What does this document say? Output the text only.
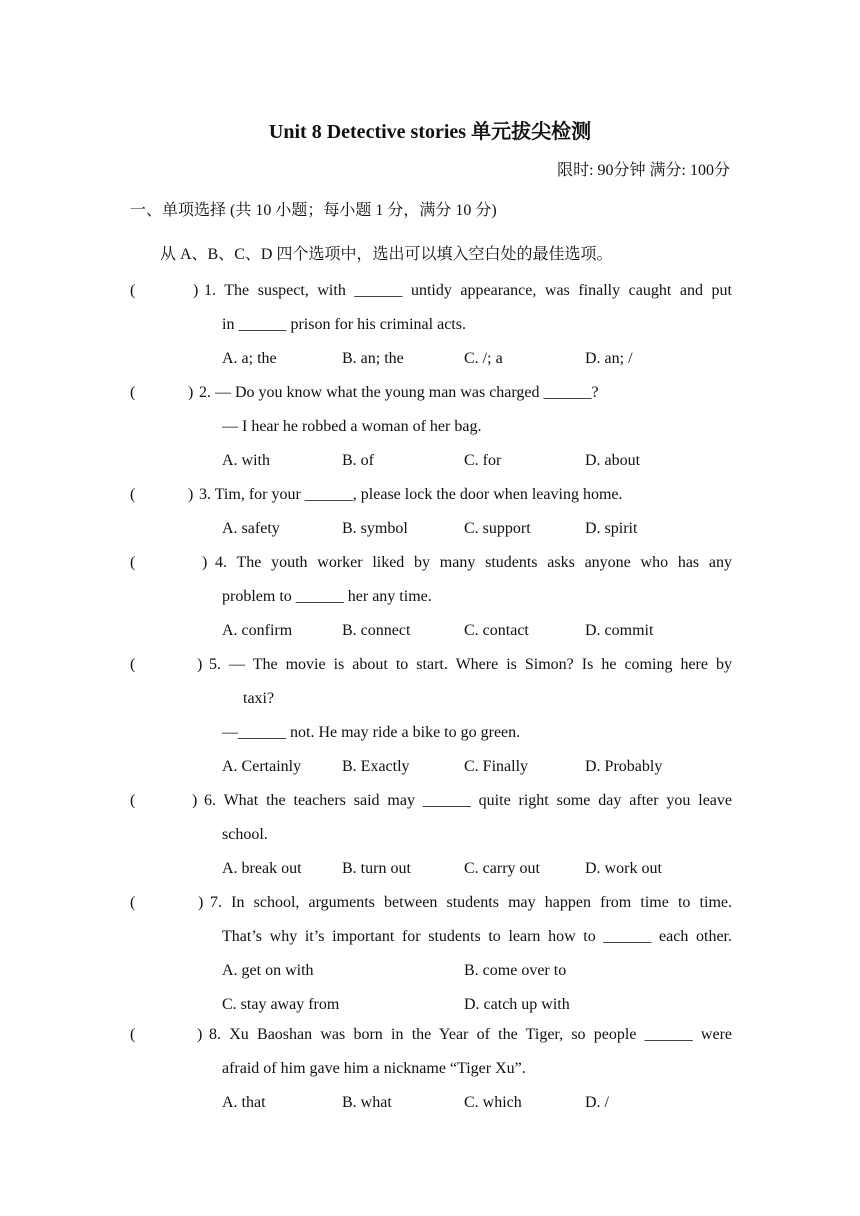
Unit 8 Detective stories 单元拔尖检测
限时: 90分钟 满分: 100分
一、单项选择 (共 10 小题；每小题 1 分，满分 10 分)
从 A、B、C、D 四个选项中，选出可以填入空白处的最佳选项。
(	) 1. The suspect, with ______ untidy appearance, was finally caught and put
in ______ prison for his criminal acts.
A. a; the	B. an; the	C. /; a	D. an; /
(	) 2. — Do you know what the young man was charged ______?
— I hear he robbed a woman of her bag.
A. with	B. of	C. for	D. about
(	) 3. Tim, for your ______, please lock the door when leaving home.
A. safety	B. symbol	C. support	D. spirit
(	) 4. The youth worker liked by many students asks anyone who has any
problem to ______ her any time.
A. confirm	B. connect	C. contact	D. commit
(	) 5. — The movie is about to start. Where is Simon? Is he coming here by
taxi?
—______ not. He may ride a bike to go green.
A. Certainly	B. Exactly	C. Finally	D. Probably
(	) 6. What the teachers said may ______ quite right some day after you leave
school.
A. break out	B. turn out	C. carry out	D. work out
(	) 7. In school, arguments between students may happen from time to time.
That’s why it’s important for students to learn how to ______ each other.
A. get on with	B. come over to
C. stay away from	D. catch up with
(	) 8. Xu Baoshan was born in the Year of the Tiger, so people ______ were
afraid of him gave him a nickname “Tiger Xu”.
A. that	B. what	C. which	D. /
